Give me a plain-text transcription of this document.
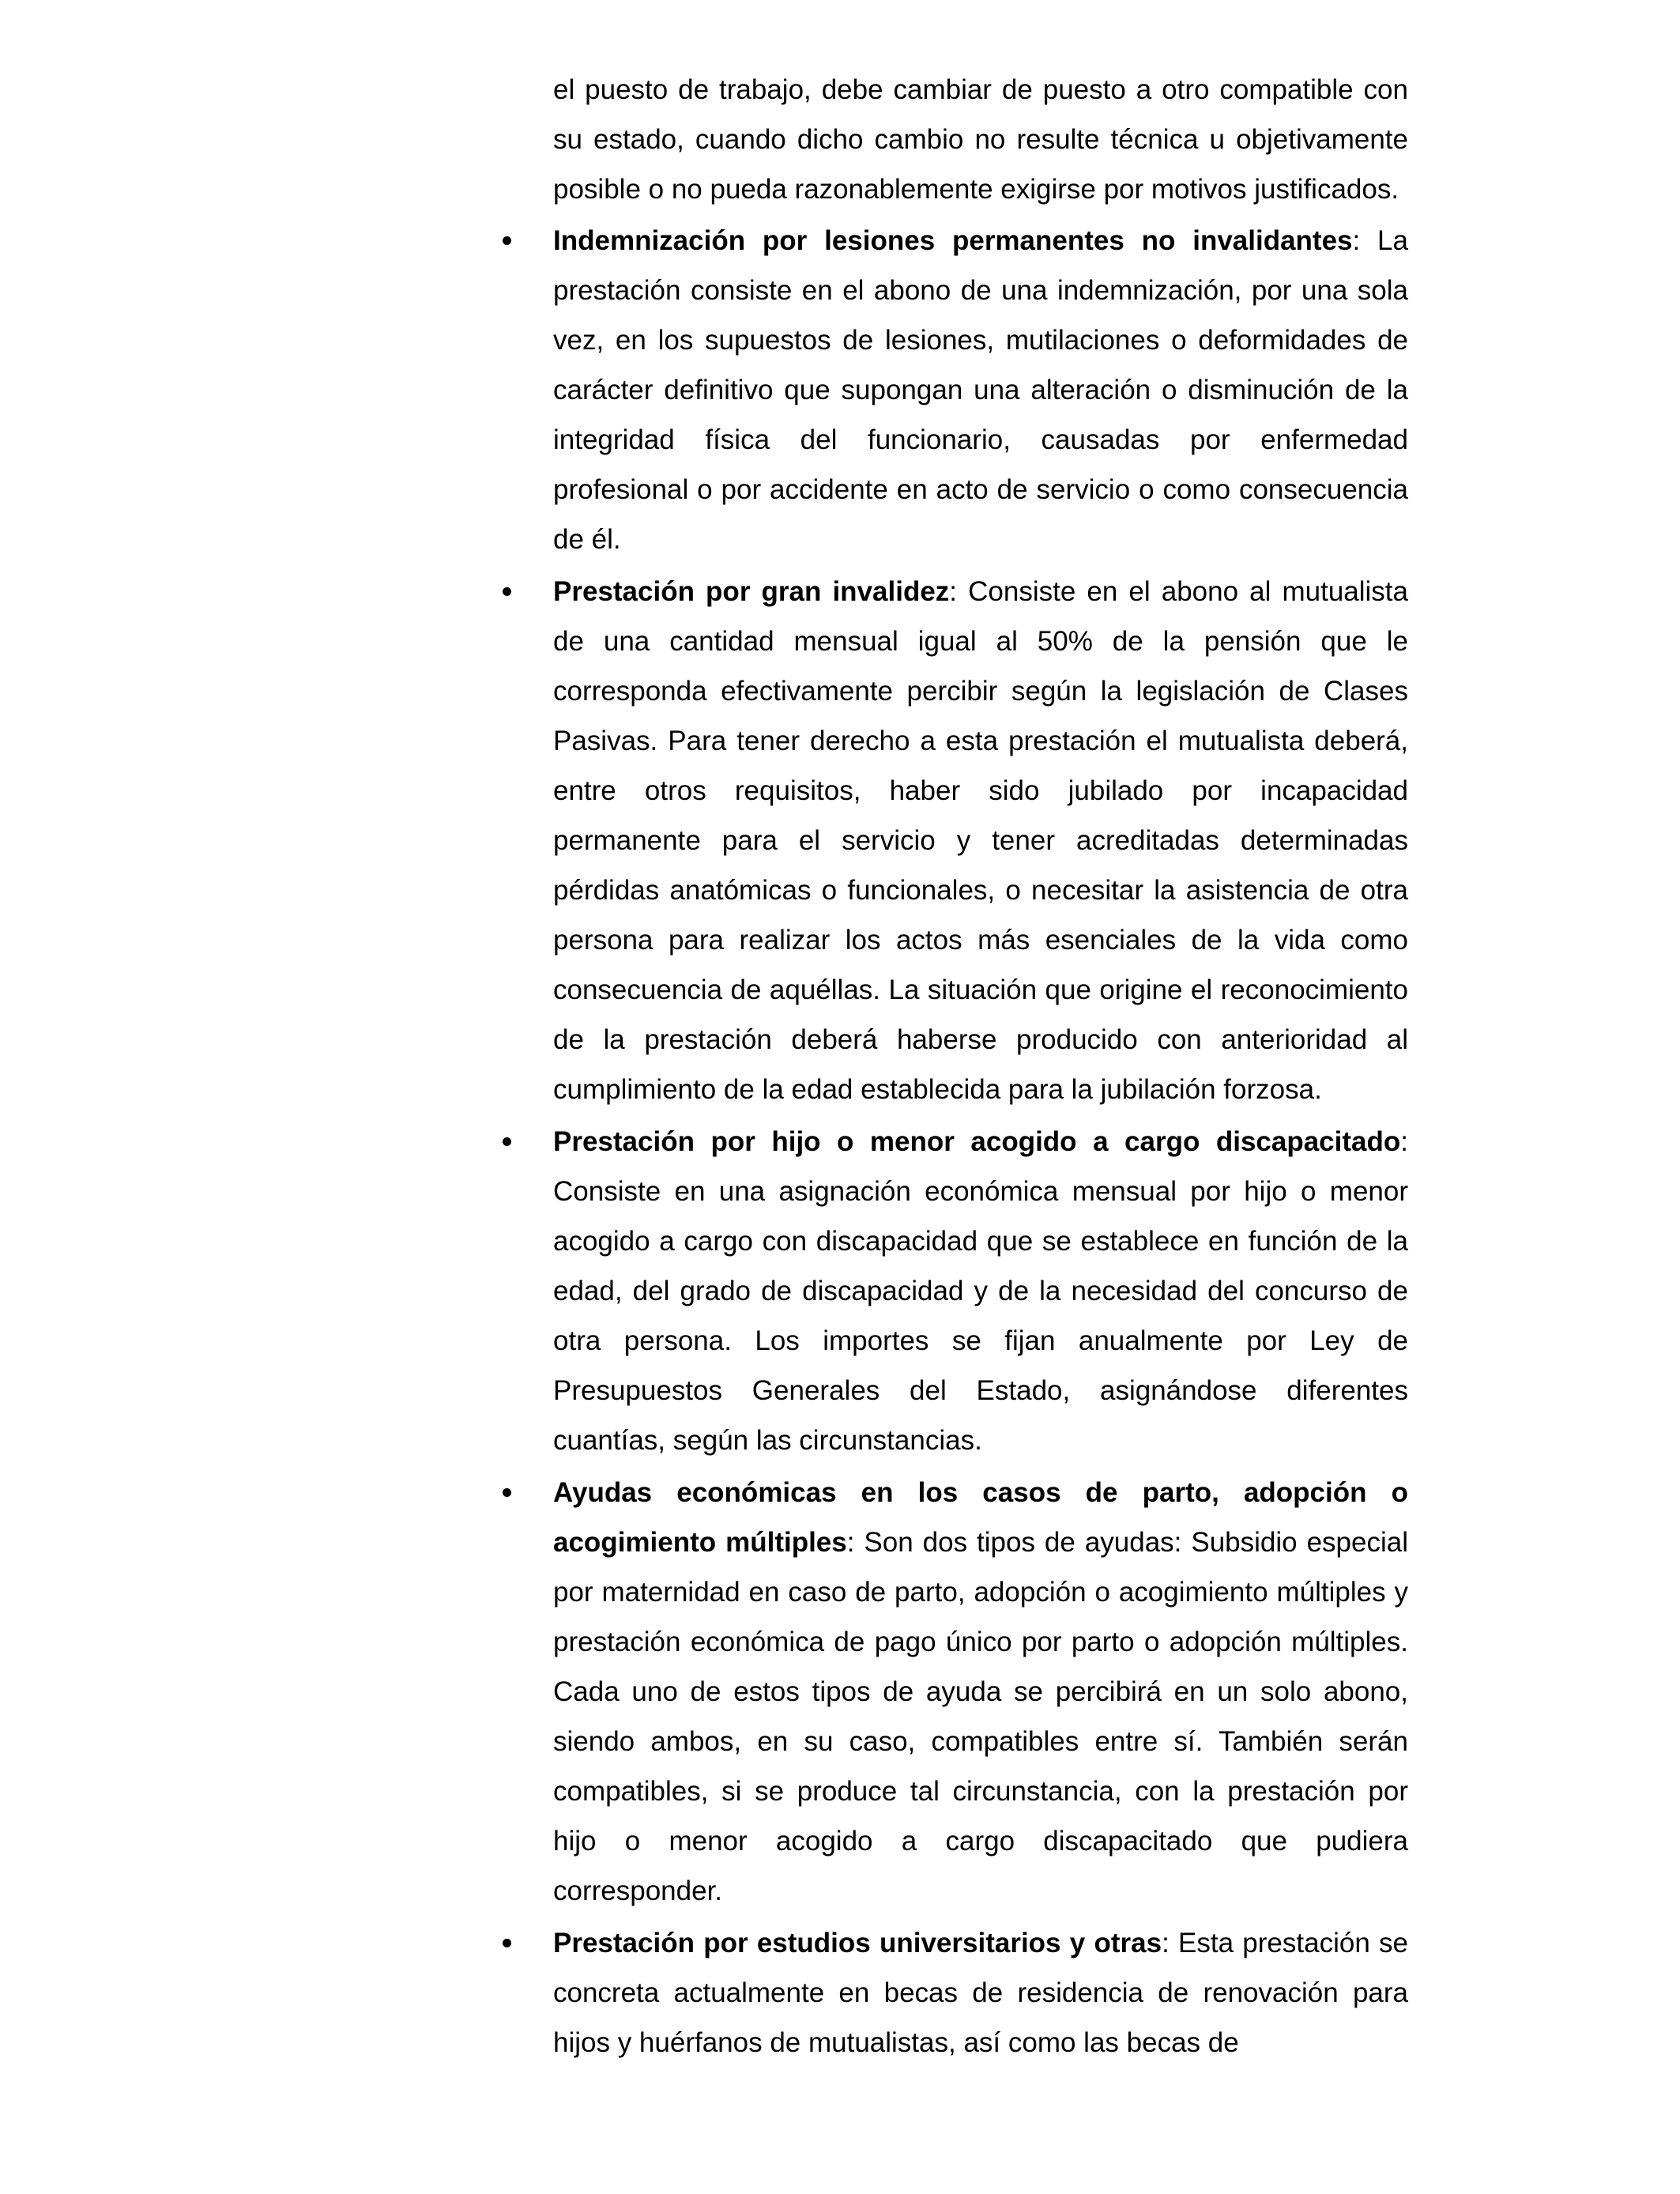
el puesto de trabajo, debe cambiar de puesto a otro compatible con su estado, cuando dicho cambio no resulte técnica u objetivamente posible o no pueda razonablemente exigirse por motivos justificados.

Indemnización por lesiones permanentes no invalidantes: La prestación consiste en el abono de una indemnización, por una sola vez, en los supuestos de lesiones, mutilaciones o deformidades de carácter definitivo que supongan una alteración o disminución de la integridad física del funcionario, causadas por enfermedad profesional o por accidente en acto de servicio o como consecuencia de él.
Prestación por gran invalidez: Consiste en el abono al mutualista de una cantidad mensual igual al 50% de la pensión que le corresponda efectivamente percibir según la legislación de Clases Pasivas. Para tener derecho a esta prestación el mutualista deberá, entre otros requisitos, haber sido jubilado por incapacidad permanente para el servicio y tener acreditadas determinadas pérdidas anatómicas o funcionales, o necesitar la asistencia de otra persona para realizar los actos más esenciales de la vida como consecuencia de aquéllas. La situación que origine el reconocimiento de la prestación deberá haberse producido con anterioridad al cumplimiento de la edad establecida para la jubilación forzosa.
Prestación por hijo o menor acogido a cargo discapacitado: Consiste en una asignación económica mensual por hijo o menor acogido a cargo con discapacidad que se establece en función de la edad, del grado de discapacidad y de la necesidad del concurso de otra persona. Los importes se fijan anualmente por Ley de Presupuestos Generales del Estado, asignándose diferentes cuantías, según las circunstancias.
Ayudas económicas en los casos de parto, adopción o acogimiento múltiples: Son dos tipos de ayudas: Subsidio especial por maternidad en caso de parto, adopción o acogimiento múltiples y prestación económica de pago único por parto o adopción múltiples. Cada uno de estos tipos de ayuda se percibirá en un solo abono, siendo ambos, en su caso, compatibles entre sí. También serán compatibles, si se produce tal circunstancia, con la prestación por hijo o menor acogido a cargo discapacitado que pudiera corresponder.
Prestación por estudios universitarios y otras: Esta prestación se concreta actualmente en becas de residencia de renovación para hijos y huérfanos de mutualistas, así como las becas de
